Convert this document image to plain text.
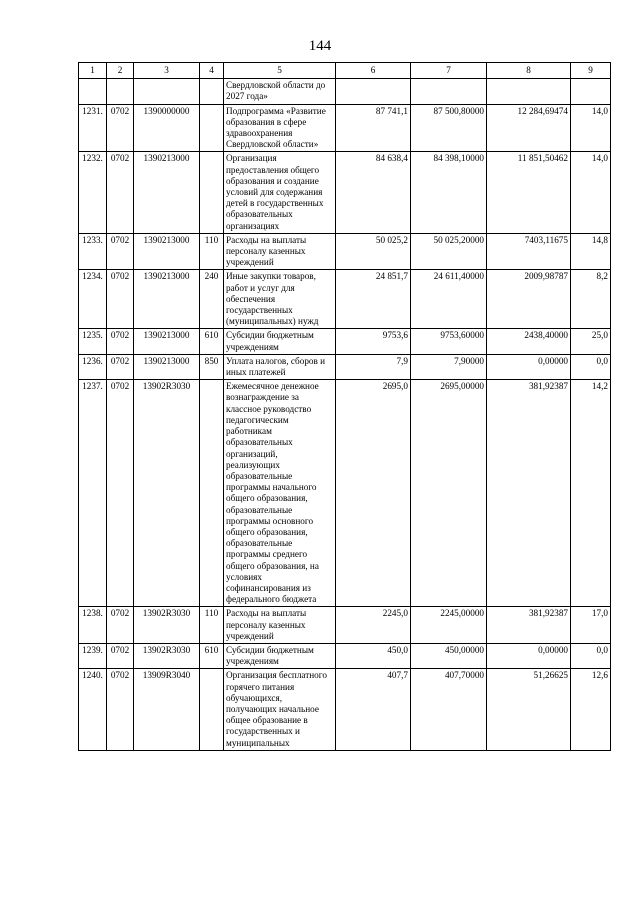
144
1	2	3	4	5	6	7	8	9
				Свердловской области до 2027 года»				
1231.	0702	1390000000		Подпрограмма «Развитие образования в сфере здравоохранения Свердловской области»	87 741,1	87 500,80000	12 284,69474	14,0
1232.	0702	1390213000		Организация предоставления общего образования и создание условий для содержания детей в государственных образовательных организациях	84 638,4	84 398,10000	11 851,50462	14,0
1233.	0702	1390213000	110	Расходы на выплаты персоналу казенных учреждений	50 025,2	50 025,20000	7403,11675	14,8
1234.	0702	1390213000	240	Иные закупки товаров, работ и услуг для обеспечения государственных (муниципальных) нужд	24 851,7	24 611,40000	2009,98787	8,2
1235.	0702	1390213000	610	Субсидии бюджетным учреждениям	9753,6	9753,60000	2438,40000	25,0
1236.	0702	1390213000	850	Уплата налогов, сборов и иных платежей	7,9	7,90000	0,00000	0,0
1237.	0702	13902R3030		Ежемесячное денежное вознаграждение за классное руководство педагогическим работникам образовательных организаций, реализующих образовательные программы начального общего образования, образовательные программы основного общего образования, образовательные программы среднего общего образования, на условиях софинансирования из федерального бюджета	2695,0	2695,00000	381,92387	14,2
1238.	0702	13902R3030	110	Расходы на выплаты персоналу казенных учреждений	2245,0	2245,00000	381,92387	17,0
1239.	0702	13902R3030	610	Субсидии бюджетным учреждениям	450,0	450,00000	0,00000	0,0
1240.	0702	13909R3040		Организация бесплатного горячего питания обучающихся, получающих начальное общее образование в государственных и муниципальных	407,7	407,70000	51,26625	12,6
